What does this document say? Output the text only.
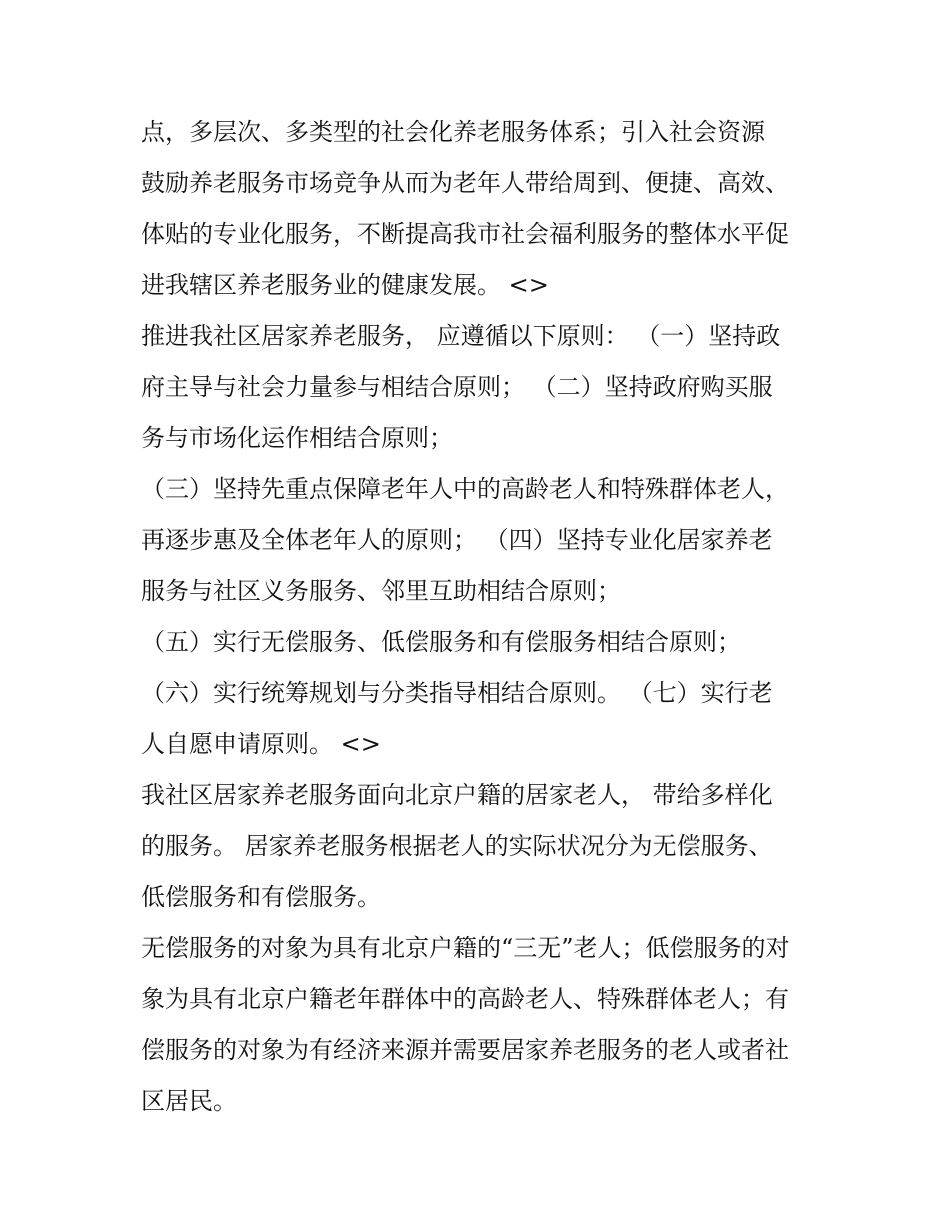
点，多层次、多类型的社会化养老服务体系；引入社会资源
鼓励养老服务市场竞争从而为老年人带给周到、便捷、高效、
体贴的专业化服务，不断提高我市社会福利服务的整体水平促
进我辖区养老服务业的健康发展。 <>
推进我社区居家养老服务， 应遵循以下原则： （一）坚持政
府主导与社会力量参与相结合原则； （二）坚持政府购买服
务与市场化运作相结合原则；
（三）坚持先重点保障老年人中的高龄老人和特殊群体老人，
再逐步惠及全体老年人的原则； （四）坚持专业化居家养老
服务与社区义务服务、邻里互助相结合原则；
（五）实行无偿服务、低偿服务和有偿服务相结合原则；
（六）实行统筹规划与分类指导相结合原则。 （七）实行老
人自愿申请原则。 <>
我社区居家养老服务面向北京户籍的居家老人， 带给多样化
的服务。 居家养老服务根据老人的实际状况分为无偿服务、
低偿服务和有偿服务。
无偿服务的对象为具有北京户籍的“三无”老人；低偿服务的对
象为具有北京户籍老年群体中的高龄老人、特殊群体老人；有
偿服务的对象为有经济来源并需要居家养老服务的老人或者社
区居民。
